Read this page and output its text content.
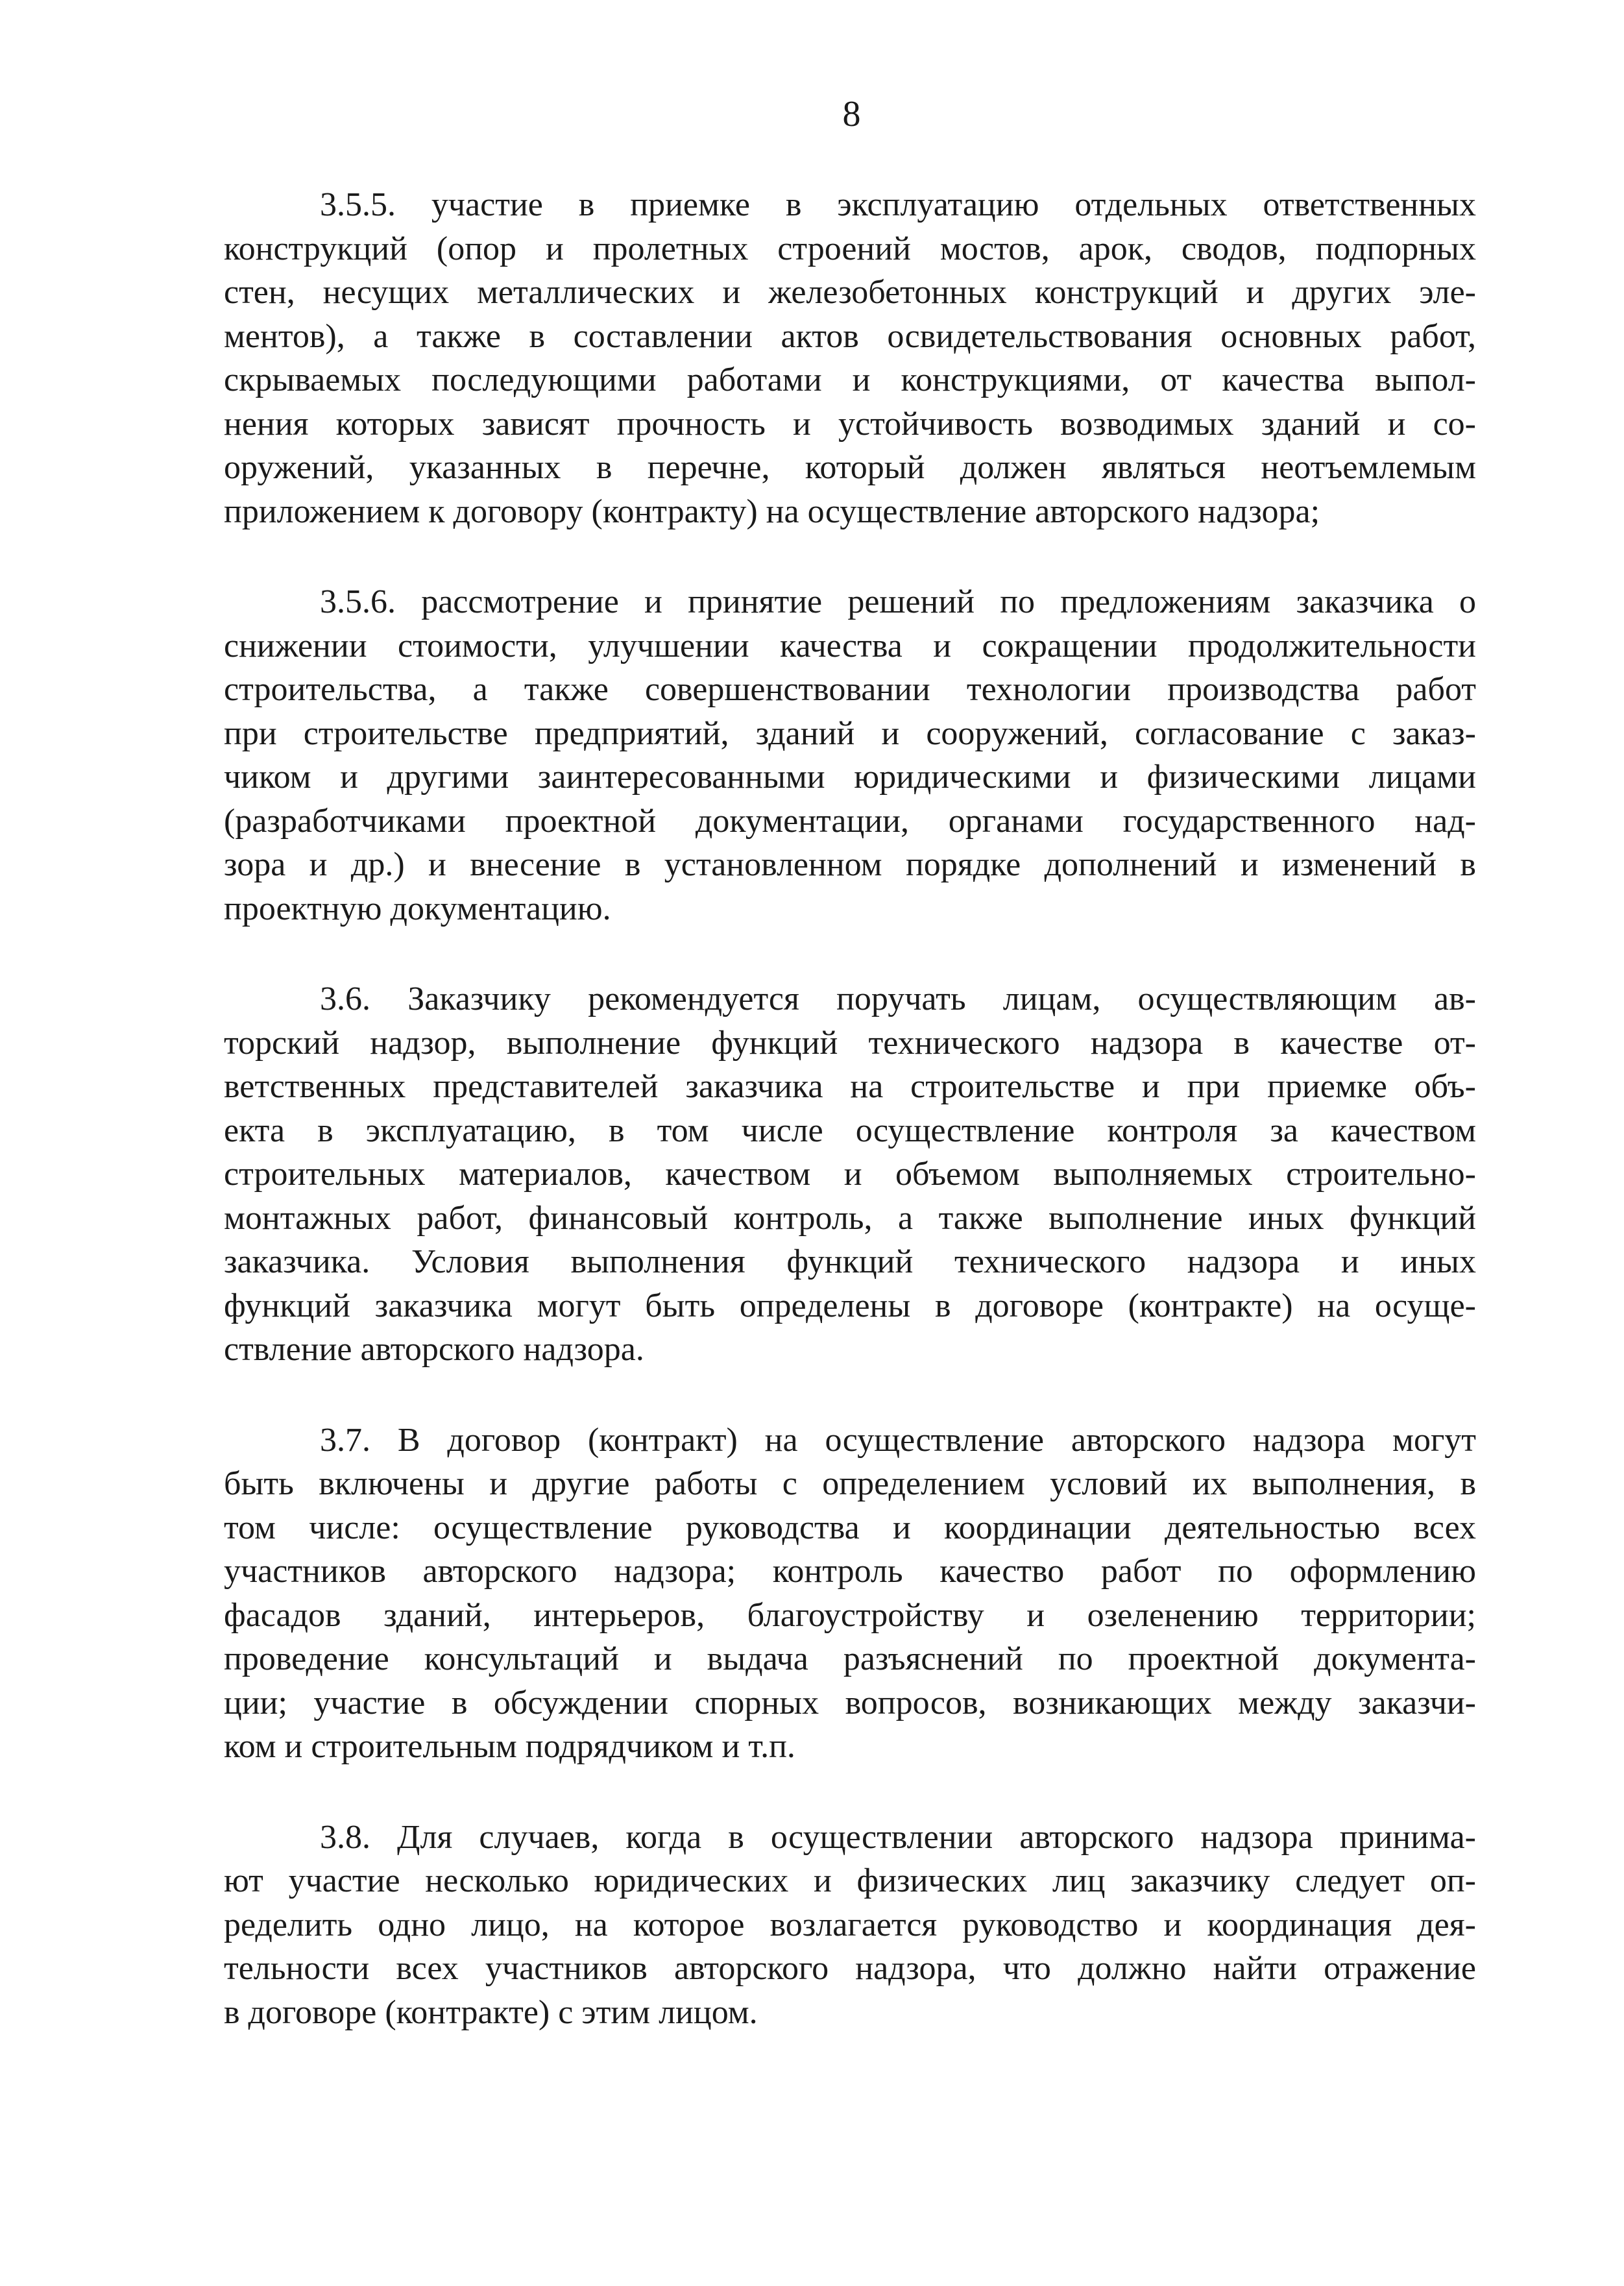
8

3.5.5. участие в приемке в эксплуатацию отдельных ответственных
конструкций (опор и пролетных строений мостов, арок, сводов, подпорных
стен, несущих металлических и железобетонных конструкций и других эле-
ментов), а также в составлении актов освидетельствования основных работ,
скрываемых последующими работами и конструкциями, от качества выпол-
нения которых зависят прочность и устойчивость возводимых зданий и со-
оружений, указанных в перечне, который должен являться неотъемлемым
приложением к договору (контракту) на осуществление авторского надзора;

3.5.6. рассмотрение и принятие решений по предложениям заказчика о
снижении стоимости, улучшении качества и сокращении продолжительности
строительства, а также совершенствовании технологии производства работ
при строительстве предприятий, зданий и сооружений, согласование с заказ-
чиком и другими заинтересованными юридическими и физическими лицами
(разработчиками проектной документации, органами государственного над-
зора и др.) и внесение в установленном порядке дополнений и изменений в
проектную документацию.

3.6. Заказчику рекомендуется поручать лицам, осуществляющим ав-
торский надзор, выполнение функций технического надзора в качестве от-
ветственных представителей заказчика на строительстве и при приемке объ-
екта в эксплуатацию, в том числе осуществление контроля за качеством
строительных материалов, качеством и объемом выполняемых строительно-
монтажных работ, финансовый контроль, а также выполнение иных функций
заказчика. Условия выполнения функций технического надзора и иных
функций заказчика могут быть определены в договоре (контракте) на осуще-
ствление авторского надзора.

3.7. В договор (контракт) на осуществление авторского надзора могут
быть включены и другие работы с определением условий их выполнения, в
том числе: осуществление руководства и координации деятельностью всех
участников авторского надзора; контроль качество работ по оформлению
фасадов зданий, интерьеров, благоустройству и озеленению территории;
проведение консультаций и выдача разъяснений по проектной документа-
ции; участие в обсуждении спорных вопросов, возникающих между заказчи-
ком и строительным подрядчиком и т.п.

3.8. Для случаев, когда в осуществлении авторского надзора принима-
ют участие несколько юридических и физических лиц заказчику следует оп-
ределить одно лицо, на которое возлагается руководство и координация дея-
тельности всех участников авторского надзора, что должно найти отражение
в договоре (контракте) с этим лицом.
